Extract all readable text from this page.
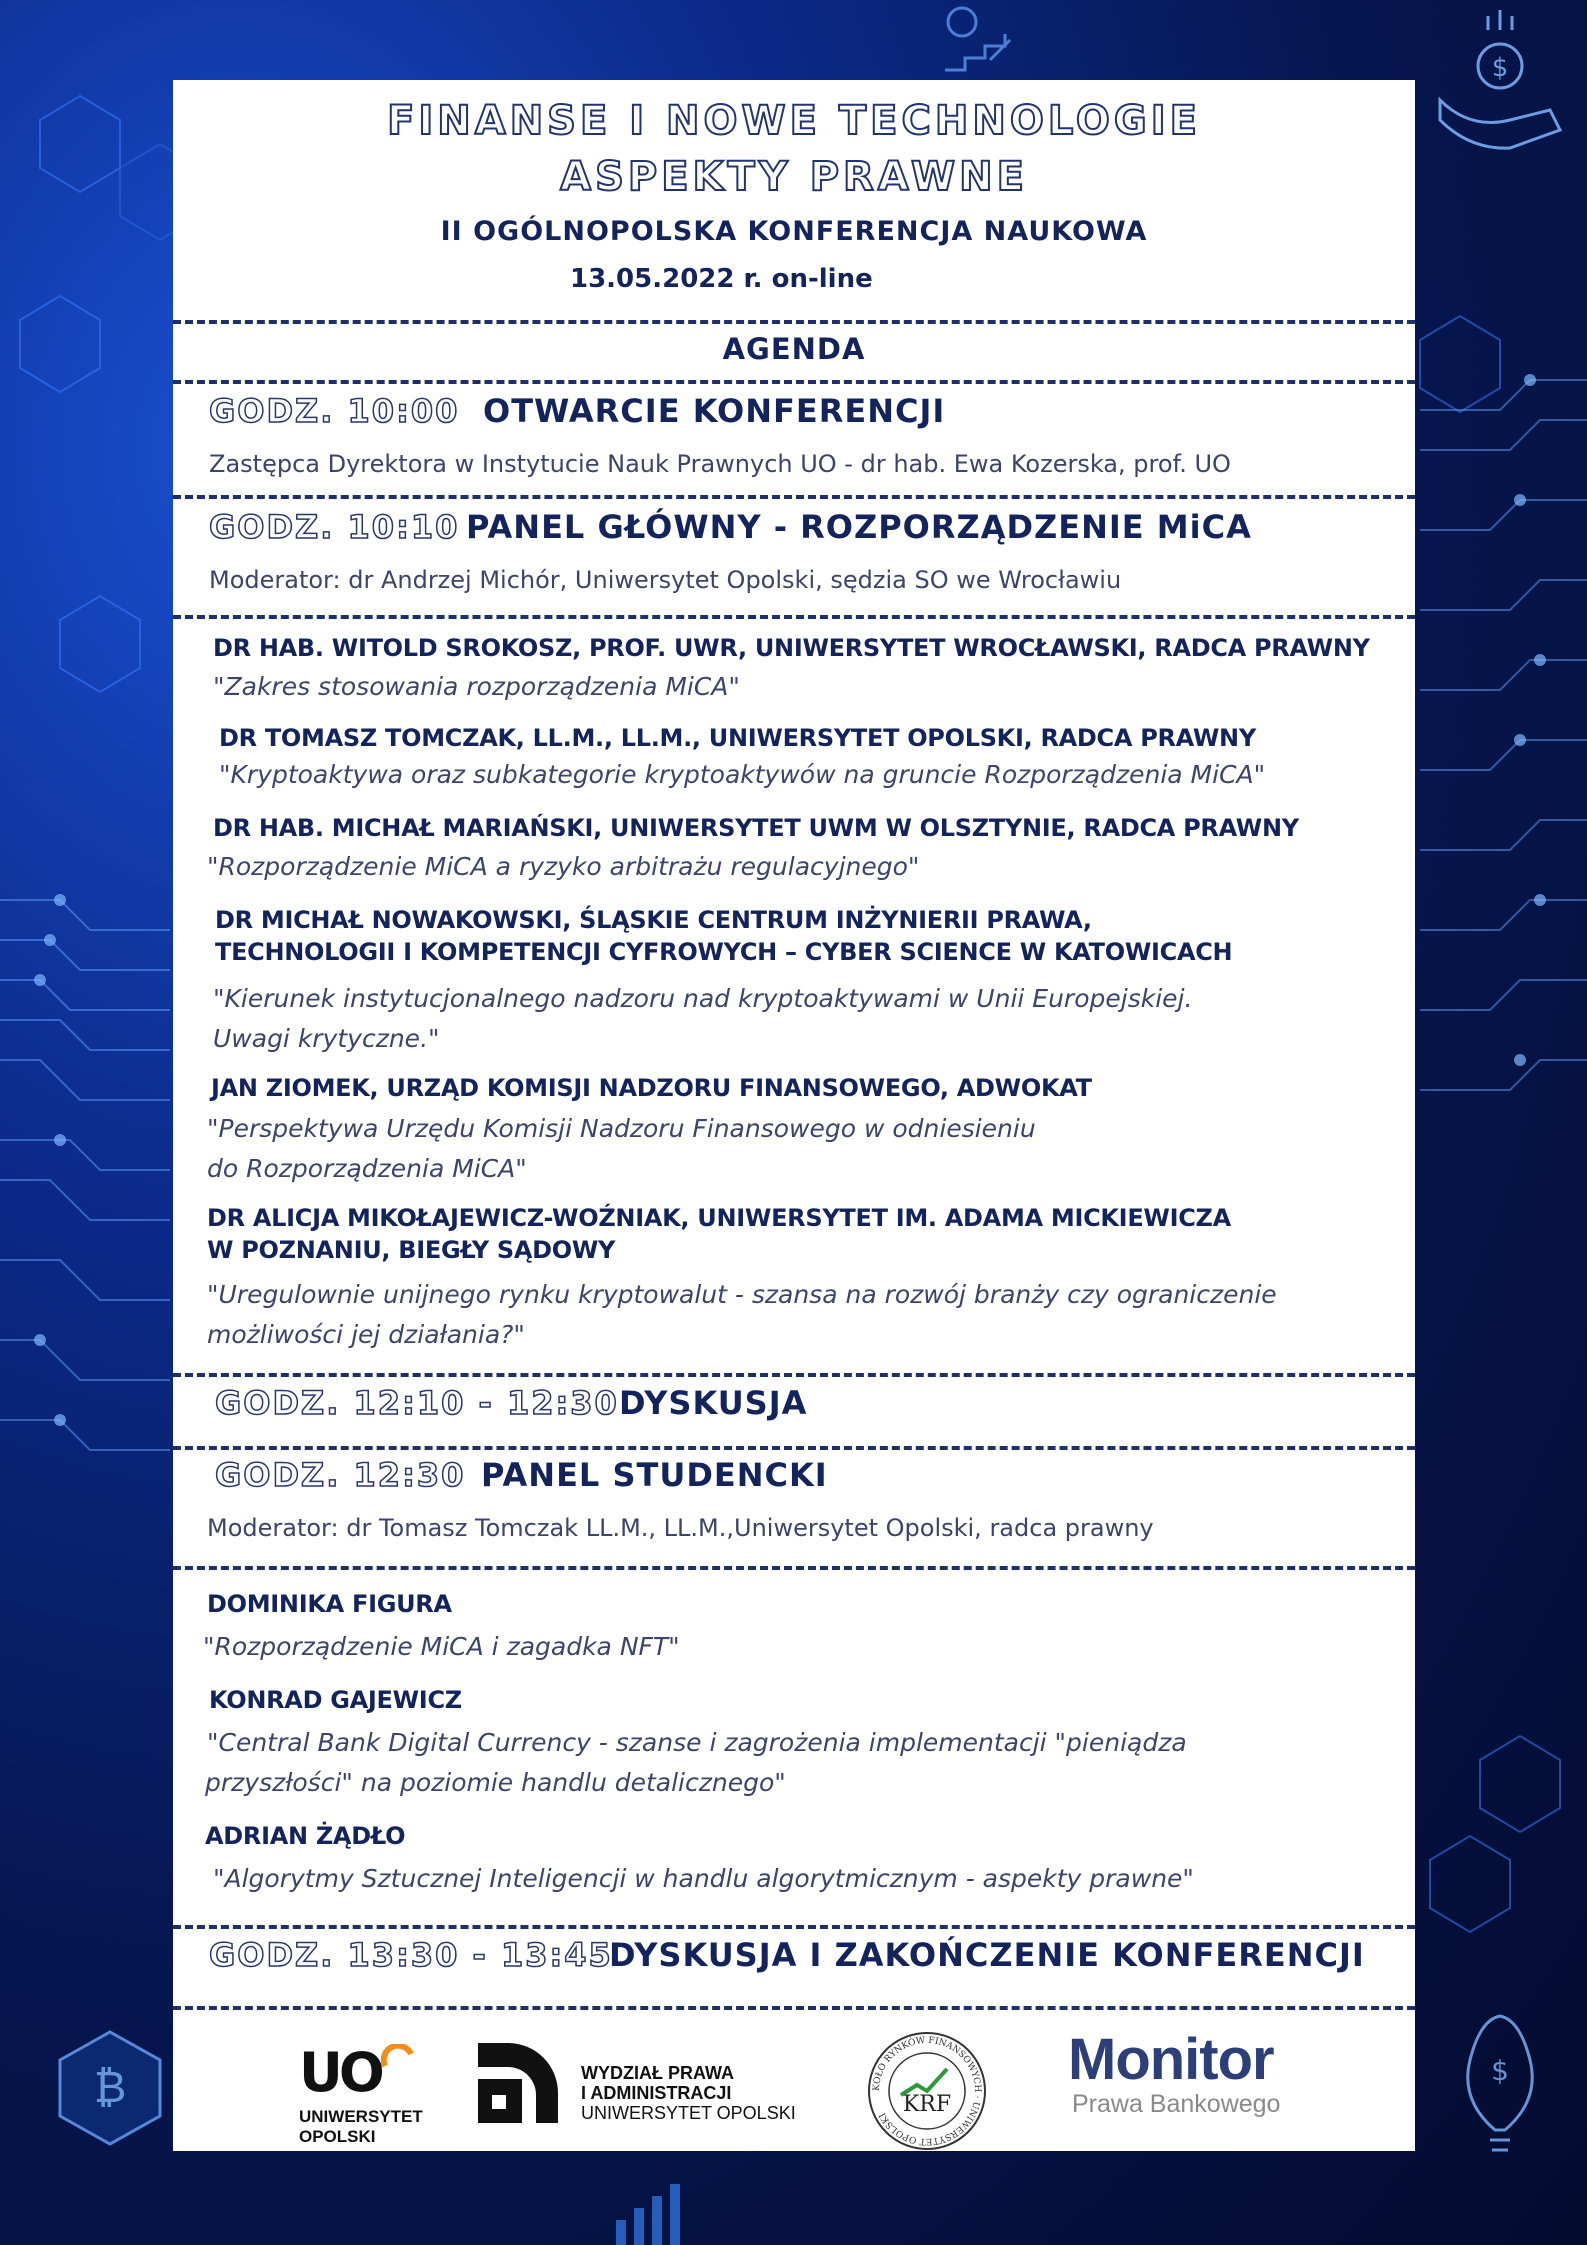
₿
$
$
FINANSE I NOWE TECHNOLOGIE
ASPEKTY PRAWNE
II OGÓLNOPOLSKA KONFERENCJA NAUKOWA
13.05.2022 r. on-line
AGENDA
GODZ. 10:00 OTWARCIE KONFERENCJI
Zastępca Dyrektora w Instytucie Nauk Prawnych UO - dr hab. Ewa Kozerska, prof. UO
GODZ. 10:10 PANEL GŁÓWNY - ROZPORZĄDZENIE MiCA
Moderator: dr Andrzej Michór, Uniwersytet Opolski, sędzia SO we Wrocławiu
DR HAB. WITOLD SROKOSZ, PROF. UWR, UNIWERSYTET WROCŁAWSKI, RADCA PRAWNY
"Zakres stosowania rozporządzenia MiCA"
DR TOMASZ TOMCZAK, LL.M., LL.M., UNIWERSYTET OPOLSKI, RADCA PRAWNY
"Kryptoaktywa oraz subkategorie kryptoaktywów na gruncie Rozporządzenia MiCA"
DR HAB. MICHAŁ MARIAŃSKI, UNIWERSYTET UWM W OLSZTYNIE, RADCA PRAWNY
"Rozporządzenie MiCA a ryzyko arbitrażu regulacyjnego"
DR MICHAŁ NOWAKOWSKI, ŚLĄSKIE CENTRUM INŻYNIERII PRAWA,
TECHNOLOGII I KOMPETENCJI CYFROWYCH – CYBER SCIENCE W KATOWICACH
"Kierunek instytucjonalnego nadzoru nad kryptoaktywami w Unii Europejskiej.
Uwagi krytyczne."
JAN ZIOMEK, URZĄD KOMISJI NADZORU FINANSOWEGO, ADWOKAT
"Perspektywa Urzędu Komisji Nadzoru Finansowego w odniesieniu
do Rozporządzenia MiCA"
DR ALICJA MIKOŁAJEWICZ-WOŹNIAK, UNIWERSYTET IM. ADAMA MICKIEWICZA
W POZNANIU, BIEGŁY SĄDOWY
"Uregulownie unijnego rynku kryptowalut - szansa na rozwój branży czy ograniczenie
możliwości jej działania?"
GODZ. 12:10 - 12:30 DYSKUSJA
GODZ. 12:30 PANEL STUDENCKI
Moderator: dr Tomasz Tomczak LL.M., LL.M.,Uniwersytet Opolski, radca prawny
DOMINIKA FIGURA
"Rozporządzenie MiCA i zagadka NFT"
KONRAD GAJEWICZ
"Central Bank Digital Currency - szanse i zagrożenia implementacji "pieniądza
przyszłości" na poziomie handlu detalicznego"
ADRIAN ŻĄDŁO
"Algorytmy Sztucznej Inteligencji w handlu algorytmicznym - aspekty prawne"
GODZ. 13:30 - 13:45
DYSKUSJA I ZAKOŃCZENIE KONFERENCJI
UO
UNIWERSYTET
OPOLSKI
WYDZIAŁ PRAWA
I ADMINISTRACJI
UNIWERSYTET OPOLSKI
KOŁO RYNKÓW FINANSOWYCH · UNIWERSYTET OPOLSKI KRF
Monitor
Prawa Bankowego
